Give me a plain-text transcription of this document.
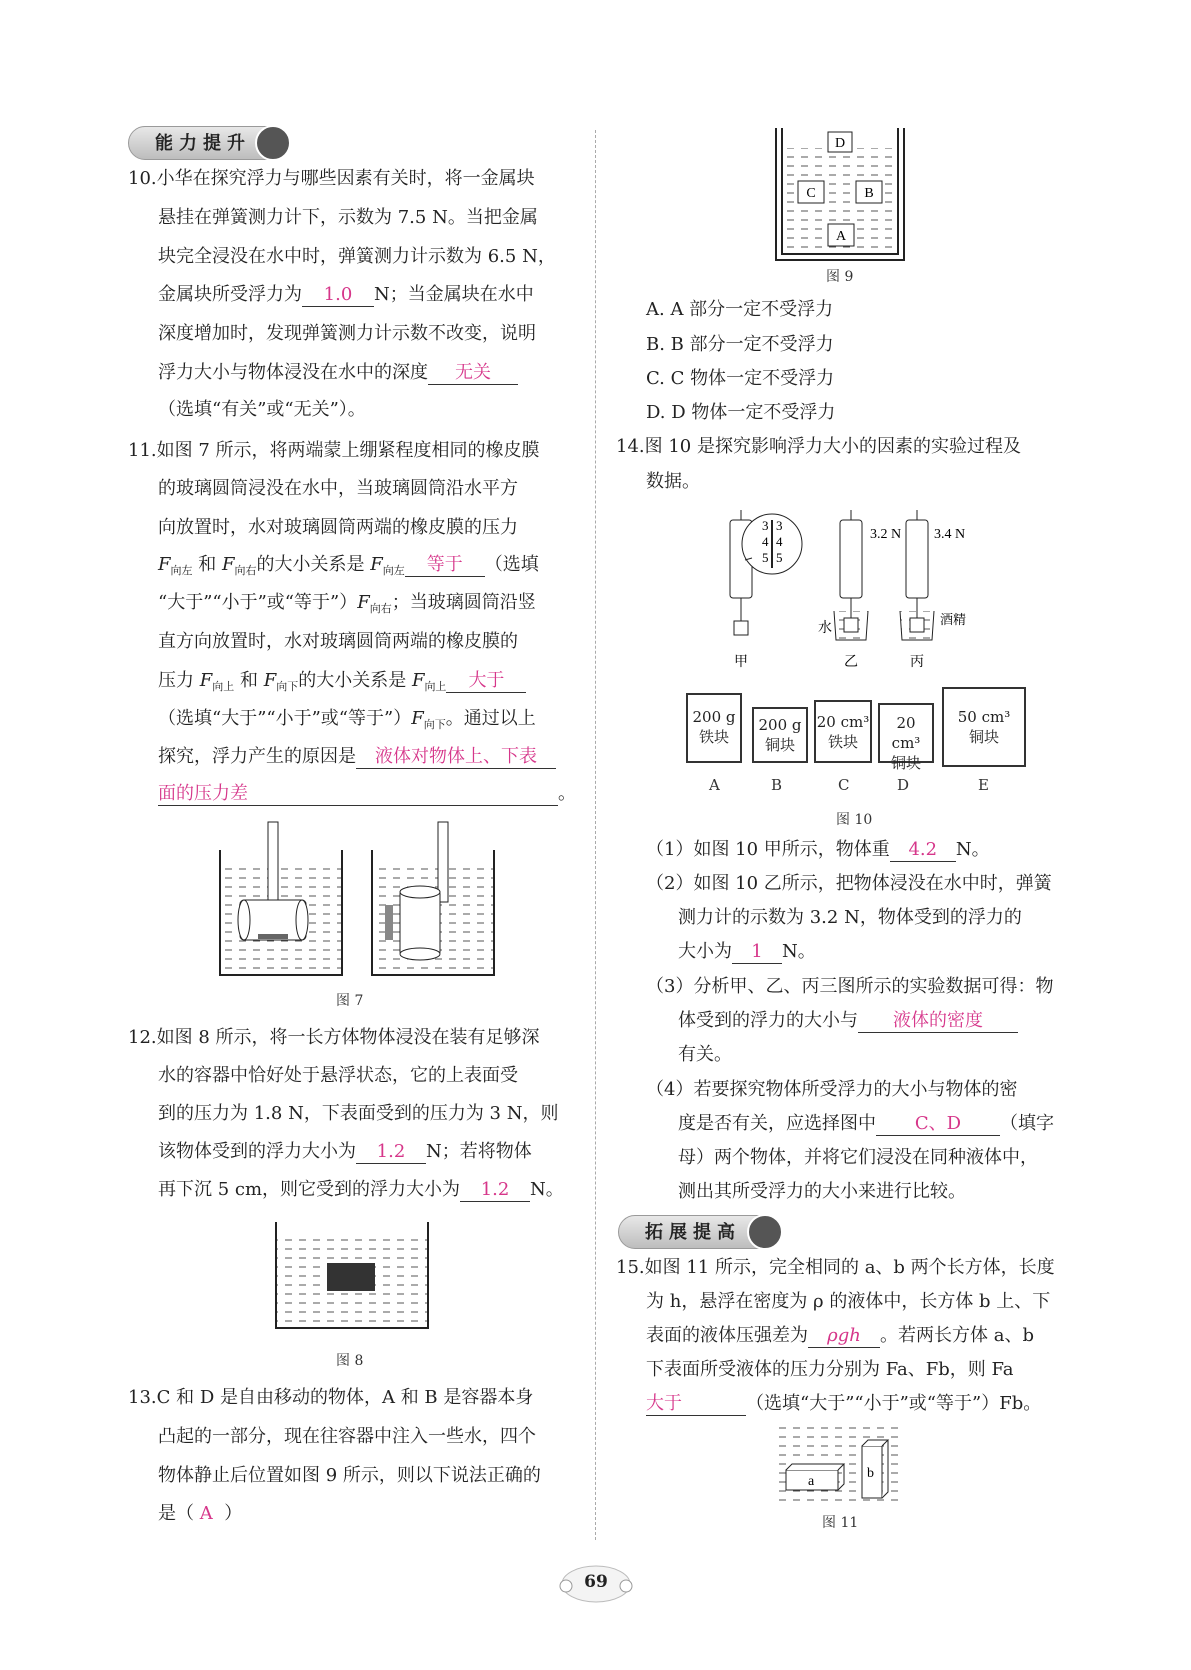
能力提升
10.小华在探究浮力与哪些因素有关时，将一金属块
悬挂在弹簧测力计下，示数为 7.5 N。当把金属
块完全浸没在水中时，弹簧测力计示数为 6.5 N，
金属块所受浮力为 1.0 N；当金属块在水中
深度增加时，发现弹簧测力计示数不改变，说明
浮力大小与物体浸没在水中的深度 无关
（选填“有关”或“无关”）。
11.如图 7 所示，将两端蒙上绷紧程度相同的橡皮膜
的玻璃圆筒浸没在水中，当玻璃圆筒沿水平方
向放置时，水对玻璃圆筒两端的橡皮膜的压力
$F_{向左}$ 和 $F_{向右}$的大小关系是 $F_{向左}$ 等于 （选填
“大于”“小于”或“等于$”)F_{向右}$；当玻璃圆筒沿竖
直方向放置时，水对玻璃圆筒两端的橡皮膜的
压力 $F_{向上}$ 和 $F_{向下}$的大小关系是 $F_{向上}$ 大于
（选填“大于”“小于”或“等于$”)F_{向下}$。通过以上
探究，浮力产生的原因是 液体对物体上、下表
面的压力差	。
图 7
12.如图 8 所示，将一长方体物体浸没在装有足够深
水的容器中恰好处于悬浮状态，它的上表面受
到的压力为 1.8 N，下表面受到的压力为 3 N，则
该物体受到的浮力大小为 1.2 N；若将物体
再下沉 5 cm，则它受到的浮力大小为 1.2 N。
图 8
13.C 和 D 是自由移动的物体，A 和 B 是容器本身
凸起的一部分，现在往容器中注入一些水，四个
物体静止后位置如图 9 所示，则以下说法正确的
是（ A ）
D
C	B
A
图 9
A. A 部分一定不受浮力
B. B 部分一定不受浮力
C. C 物体一定不受浮力
D. D 物体一定不受浮力
14.图 10 是探究影响浮力大小的因素的实验过程及
数据。
3
4
5
3
4
5
3.2 N
水
3.4 N
酒精
甲	乙	丙
200 g
铁块
200 g
铜块
20 cm³
铁块
20 cm³
铜块
50 cm³
铜块
A	B	C	D	E
图 10
（1）如图 10 甲所示，物体重 4.2 N。
（2）如图 10 乙所示，把物体浸没在水中时，弹簧
测力计的示数为 3.2 N，物体受到的浮力的
大小为 1 N。
（3）分析甲、乙、丙三图所示的实验数据可得：物
体受到的浮力的大小与 液体的密度
有关。
（4）若要探究物体所受浮力的大小与物体的密
度是否有关，应选择图中 C、D （填字
母）两个物体，并将它们浸没在同种液体中，
测出其所受浮力的大小来进行比较。
拓展提高
15.如图 11 所示，完全相同的 a、b 两个长方体，长度
为 h，悬浮在密度为 ρ 的液体中，长方体 b 上、下
表面的液体压强差为 ρgh 。若两长方体 a、b
下表面所受液体的压力分别为 Fa、Fb，则 Fa
大于	（选填“大于”“小于”或“等于”）Fb。
a
b
图 11
69
